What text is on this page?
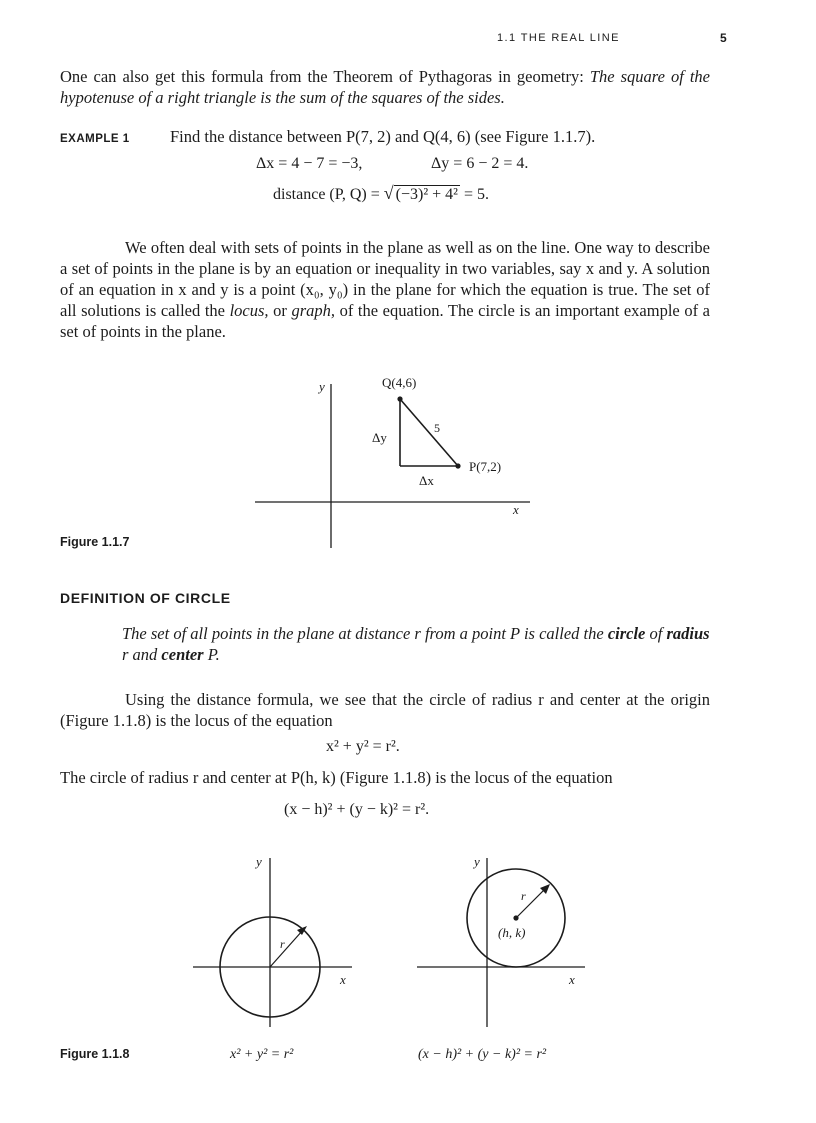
1.1 THE REAL LINE	5
One can also get this formula from the Theorem of Pythagoras in geometry: The square of the hypotenuse of a right triangle is the sum of the squares of the sides.
EXAMPLE 1 Find the distance between P(7, 2) and Q(4, 6) (see Figure 1.1.7).
Δx = 4 − 7 = −3,	Δy = 6 − 2 = 4.
distance (P, Q) = √ (−3)² + 4² = 5.
We often deal with sets of points in the plane as well as on the line. One way to describe a set of points in the plane is by an equation or inequality in two variables, say x and y. A solution of an equation in x and y is a point (x₀, y₀) in the plane for which the equation is true. The set of all solutions is called the locus, or graph, of the equation. The circle is an important example of a set of points in the plane.
y
x
Q(4,6)
P(7,2)
5
Δy
Δx
Figure 1.1.7
DEFINITION OF CIRCLE
The set of all points in the plane at distance r from a point P is called the circle of radius r and center P.
Using the distance formula, we see that the circle of radius r and center at the origin (Figure 1.1.8) is the locus of the equation
x² + y² = r².
The circle of radius r and center at P(h, k) (Figure 1.1.8) is the locus of the equation
(x − h)² + (y − k)² = r².
y
x
r
x² + y² = r²
y
x
r
(h, k)
(x − h)² + (y − k)² = r²
Figure 1.1.8
